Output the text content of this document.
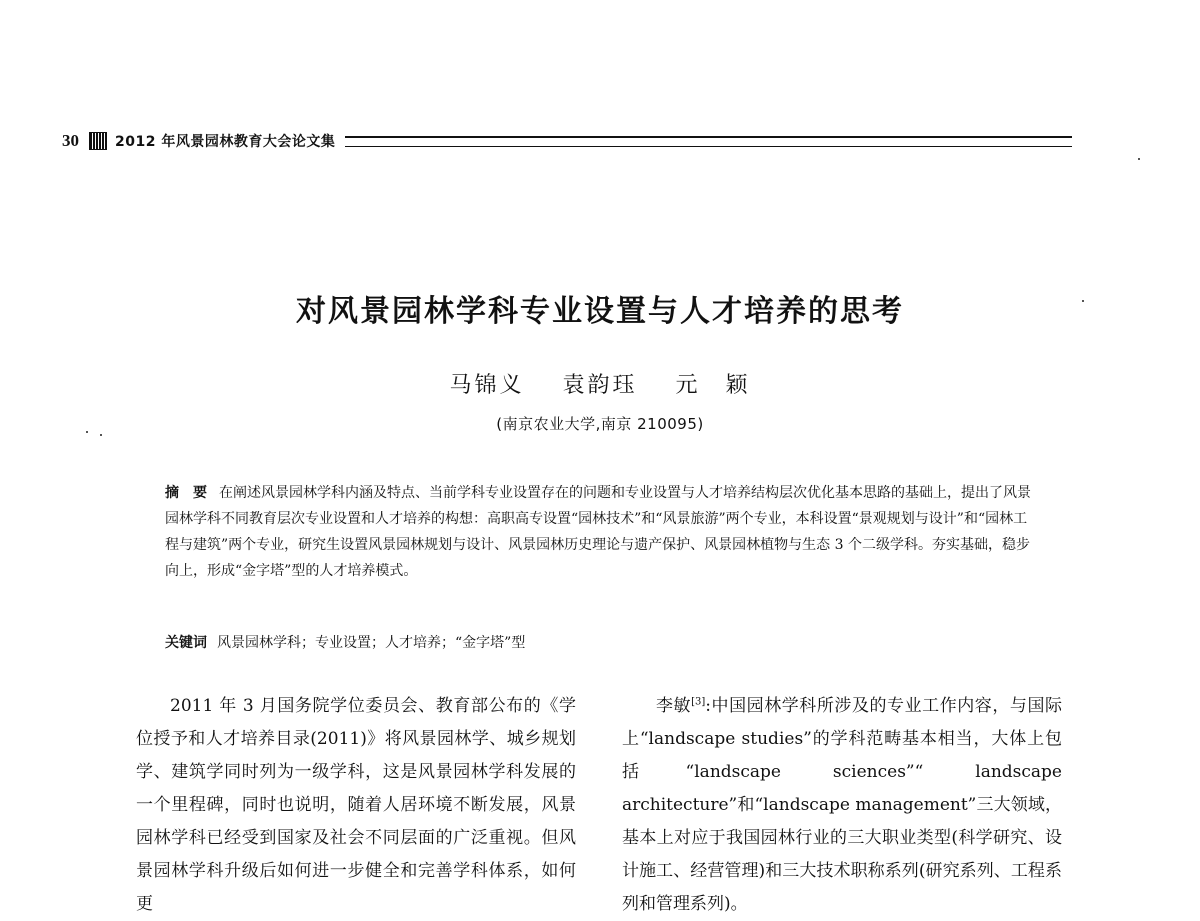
30	2012 年风景园林教育大会论文集
对风景园林学科专业设置与人才培养的思考
马锦义 袁韵珏 元　颖
(南京农业大学,南京 210095)
摘　要 在阐述风景园林学科内涵及特点、当前学科专业设置存在的问题和专业设置与人才培养结构层次优化基本思路的基础上，提出了风景园林学科不同教育层次专业设置和人才培养的构想：高职高专设置“园林技术”和“风景旅游”两个专业，本科设置“景观规划与设计”和“园林工程与建筑”两个专业，研究生设置风景园林规划与设计、风景园林历史理论与遗产保护、风景园林植物与生态 3 个二级学科。夯实基础，稳步向上，形成“金字塔”型的人才培养模式。
关键词 风景园林学科；专业设置；人才培养；“金字塔”型

2011 年 3 月国务院学位委员会、教育部公布的《学位授予和人才培养目录(2011)》将风景园林学、城乡规划学、建筑学同时列为一级学科，这是风景园林学科发展的一个里程碑，同时也说明，随着人居环境不断发展，风景园林学科已经受到国家及社会不同层面的广泛重视。但风景园林学科升级后如何进一步健全和完善学科体系，如何更

李敏[3]:中国园林学科所涉及的专业工作内容，与国际上“landscape studies”的学科范畴基本相当，大体上包括“landscape sciences”“ landscape architecture”和“landscape management”三大领域，基本上对应于我国园林行业的三大职业类型(科学研究、设计施工、经营管理)和三大技术职称系列(研究系列、工程系列和管理系列)。
